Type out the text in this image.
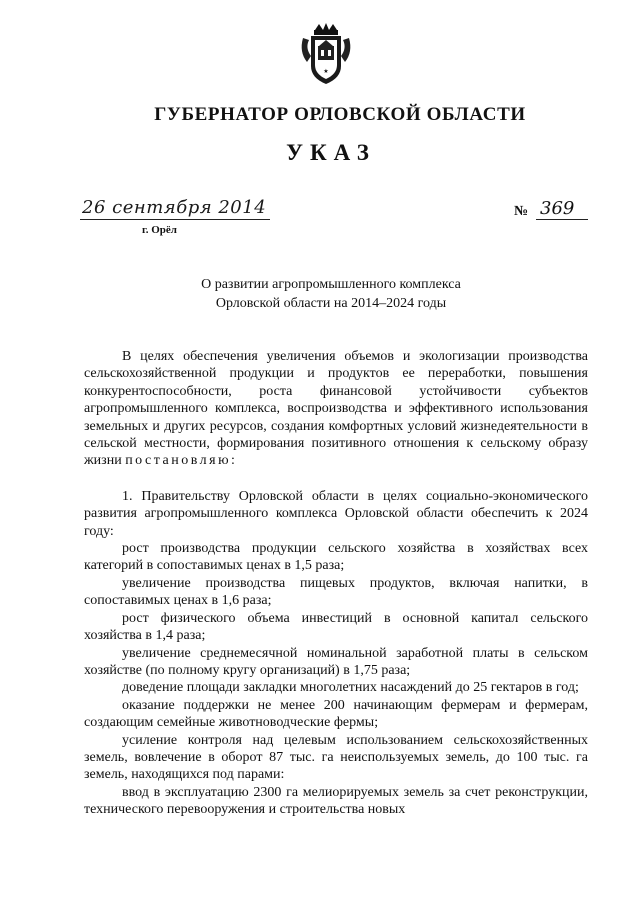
★
ГУБЕРНАТОР ОРЛОВСКОЙ ОБЛАСТИ
УКАЗ
26 сентября 2014
г. Орёл
№ 369
О развитии агропромышленного комплекса
Орловской области на 2014–2024 годы

В целях обеспечения увеличения объемов и экологизации производства сельскохозяйственной продукции и продуктов ее переработки, повышения конкурентоспособности, роста финансовой устойчивости субъектов агропромышленного комплекса, воспроизводства и эффективного использования земельных и других ресурсов, создания комфортных условий жизнедеятельности в сельской местности, формирования позитивного отношения к сельскому образу жизни постановляю:

1. Правительству Орловской области в целях социально-экономического развития агропромышленного комплекса Орловской области обеспечить к 2024 году:

рост производства продукции сельского хозяйства в хозяйствах всех категорий в сопоставимых ценах в 1,5 раза;

увеличение производства пищевых продуктов, включая напитки, в сопоставимых ценах в 1,6 раза;

рост физического объема инвестиций в основной капитал сельского хозяйства в 1,4 раза;

увеличение среднемесячной номинальной заработной платы в сельском хозяйстве (по полному кругу организаций) в 1,75 раза;

доведение площади закладки многолетних насаждений до 25 гектаров в год;

оказание поддержки не менее 200 начинающим фермерам и фермерам, создающим семейные животноводческие фермы;

усиление контроля над целевым использованием сельскохозяйственных земель, вовлечение в оборот 87 тыс. га неиспользуемых земель, до 100 тыс. га земель, находящихся под парами:

ввод в эксплуатацию 2300 га мелиорируемых земель за счет реконструкции, технического перевооружения и строительства новых
